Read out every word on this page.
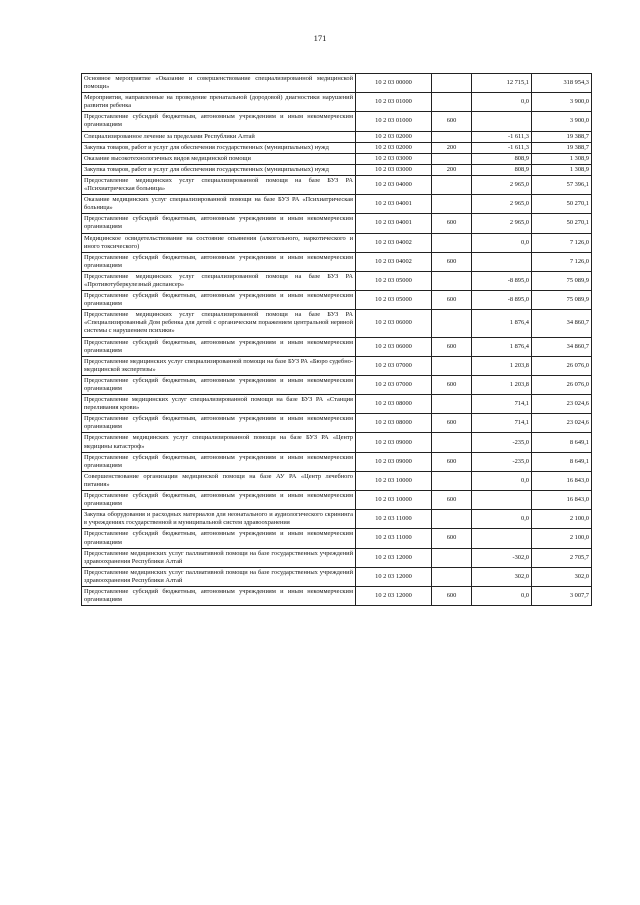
171
Основное мероприятие «Оказание и совершенствование специализированной медицинской помощи»	10 2 03 00000		12 715,1	318 954,3
Мероприятия, направленные на проведение пренатальной (дородовой) диагностики нарушений развития ребенка	10 2 03 01000		0,0	3 900,0
Предоставление субсидий бюджетным, автономным учреждениям и иным некоммерческим организациям	10 2 03 01000	600		3 900,0
Специализированное лечение за пределами Республики Алтай	10 2 03 02000		-1 611,3	19 388,7
Закупка товаров, работ и услуг для обеспечения государственных (муниципальных) нужд	10 2 03 02000	200	-1 611,3	19 388,7
Оказание высокотехнологичных видов медицинской помощи	10 2 03 03000		808,9	1 308,9
Закупка товаров, работ и услуг для обеспечения государственных (муниципальных) нужд	10 2 03 03000	200	808,9	1 308,9
Предоставление медицинских услуг специализированной помощи на базе БУЗ РА «Психиатрическая больница»	10 2 03 04000		2 965,0	57 396,1
Оказание медицинских услуг специализированной помощи на базе БУЗ РА «Психиатрическая больница»	10 2 03 04001		2 965,0	50 270,1
Предоставление субсидий бюджетным, автономным учреждениям и иным некоммерческим организациям	10 2 03 04001	600	2 965,0	50 270,1
Медицинское освидетельствование на состояние опьянения (алкогольного, наркотического и иного токсического)	10 2 03 04002		0,0	7 126,0
Предоставление субсидий бюджетным, автономным учреждениям и иным некоммерческим организациям	10 2 03 04002	600		7 126,0
Предоставление медицинских услуг специализированной помощи на базе БУЗ РА «Противотуберкулезный диспансер»	10 2 03 05000		-8 895,0	75 089,9
Предоставление субсидий бюджетным, автономным учреждениям и иным некоммерческим организациям	10 2 03 05000	600	-8 895,0	75 089,9
Предоставление медицинских услуг специализированной помощи на базе БУЗ РА «Специализированный Дом ребенка для детей с органическим поражением центральной нервной системы с нарушением психики»	10 2 03 06000		1 876,4	34 860,7
Предоставление субсидий бюджетным, автономным учреждениям и иным некоммерческим организациям	10 2 03 06000	600	1 876,4	34 860,7
Предоставление медицинских услуг специализированной помощи на базе БУЗ РА «Бюро судебно-медицинской экспертизы»	10 2 03 07000		1 203,8	26 076,0
Предоставление субсидий бюджетным, автономным учреждениям и иным некоммерческим организациям	10 2 03 07000	600	1 203,8	26 076,0
Предоставление медицинских услуг специализированной помощи на базе БУЗ РА «Станция переливания крови»	10 2 03 08000		714,1	23 024,6
Предоставление субсидий бюджетным, автономным учреждениям и иным некоммерческим организациям	10 2 03 08000	600	714,1	23 024,6
Предоставление медицинских услуг специализированной помощи на базе БУЗ РА «Центр медицины катастроф»	10 2 03 09000		-235,0	8 649,1
Предоставление субсидий бюджетным, автономным учреждениям и иным некоммерческим организациям	10 2 03 09000	600	-235,0	8 649,1
Совершенствование организации медицинской помощи на базе АУ РА «Центр лечебного питания»	10 2 03 10000		0,0	16 843,0
Предоставление субсидий бюджетным, автономным учреждениям и иным некоммерческим организациям	10 2 03 10000	600		16 843,0
Закупка оборудования и расходных материалов для неонатального и аудиологического скрининга в учреждениях государственной и муниципальной систем здравоохранения	10 2 03 11000		0,0	2 100,0
Предоставление субсидий бюджетным, автономным учреждениям и иным некоммерческим организациям	10 2 03 11000	600		2 100,0
Предоставление медицинских услуг паллиативной помощи на базе государственных учреждений здравоохранения Республики Алтай	10 2 03 12000		-302,0	2 705,7
Предоставление медицинских услуг паллиативной помощи на базе государственных учреждений здравоохранения Республики Алтай	10 2 03 12000		302,0	302,0
Предоставление субсидий бюджетным, автономным учреждениям и иным некоммерческим организациям	10 2 03 12000	600	0,0	3 007,7
